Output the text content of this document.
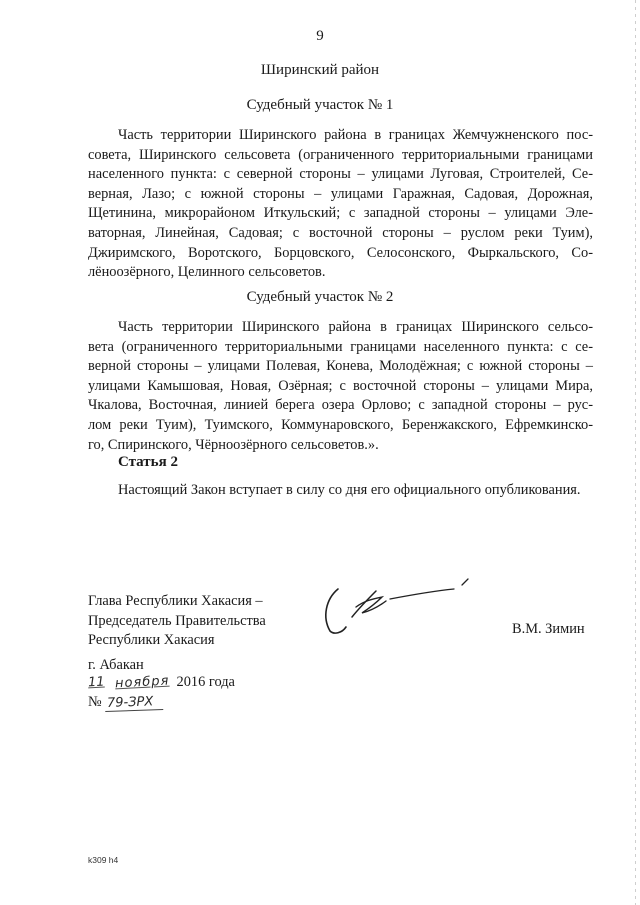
9
Ширинский район
Судебный участок № 1
Часть территории Ширинского района в границах Жемчужненского пос-
совета, Ширинского сельсовета (ограниченного территориальными границами
населенного пункта: с северной стороны – улицами Луговая, Строителей, Се-
верная, Лазо; с южной стороны – улицами Гаражная, Садовая, Дорожная,
Щетинина, микрорайоном Иткульский; с западной стороны – улицами Эле-
ваторная, Линейная, Садовая; с восточной стороны – руслом реки Туим),
Джиримского, Воротского, Борцовского, Селосонского, Фыркальского, Со-
лёноозёрного, Целинного сельсоветов.
Судебный участок № 2
Часть территории Ширинского района в границах Ширинского сельсо-
вета (ограниченного территориальными границами населенного пункта: с се-
верной стороны – улицами Полевая, Конева, Молодёжная; с южной стороны –
улицами Камышовая, Новая, Озёрная; с восточной стороны – улицами Мира,
Чкалова, Восточная, линией берега озера Орлово; с западной стороны – рус-
лом реки Туим), Туимского, Коммунаровского, Беренжакского, Ефремкинско-
го, Спиринского, Чёрноозёрного сельсоветов.».
Статья 2
Настоящий Закон вступает в силу со дня его официального опубликования.
Глава Республики Хакасия –
Председатель Правительства
Республики Хакасия
В.М. Зимин
г. Абакан
11 ноября 2016 года
№ 79-ЗРХ
k309 h4
